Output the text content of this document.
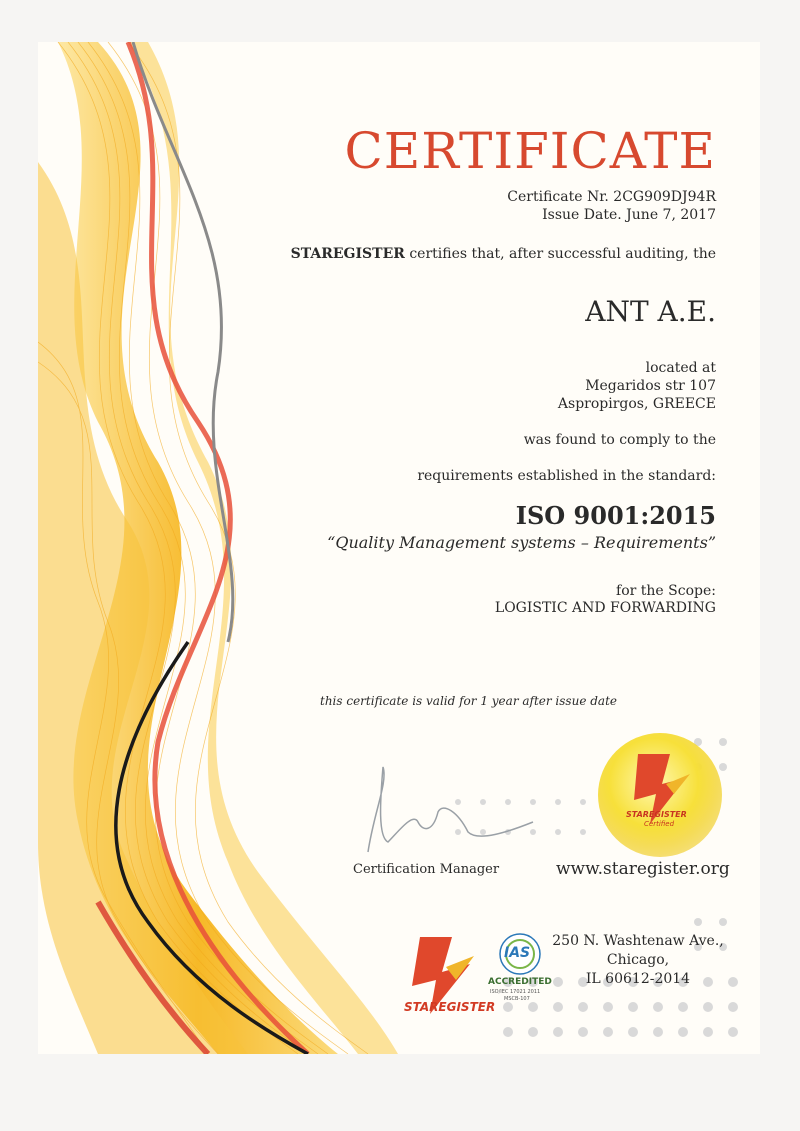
CERTIFICATE
Certificate Nr. 2CG909DJ94R
Issue Date. June 7, 2017
STAREGISTER certifies that, after successful auditing, the
ANT A.E.
located at
Megaridos str 107
Aspropirgos, GREECE
was found to comply to the
requirements established in the standard:
ISO 9001:2015
“Quality Management systems – Requirements”
for the Scope:
LOGISTIC AND FORWARDING
this certificate is valid for 1 year after issue date
Certification Manager	www.staregister.org
250 N. Washtenaw Ave.,
Chicago,
IL 60612-2014
STAREGISTER
Certified
STAREGISTER
IAS
ACCREDITED
ISO/IEC 17021 2011
MSCB-107
